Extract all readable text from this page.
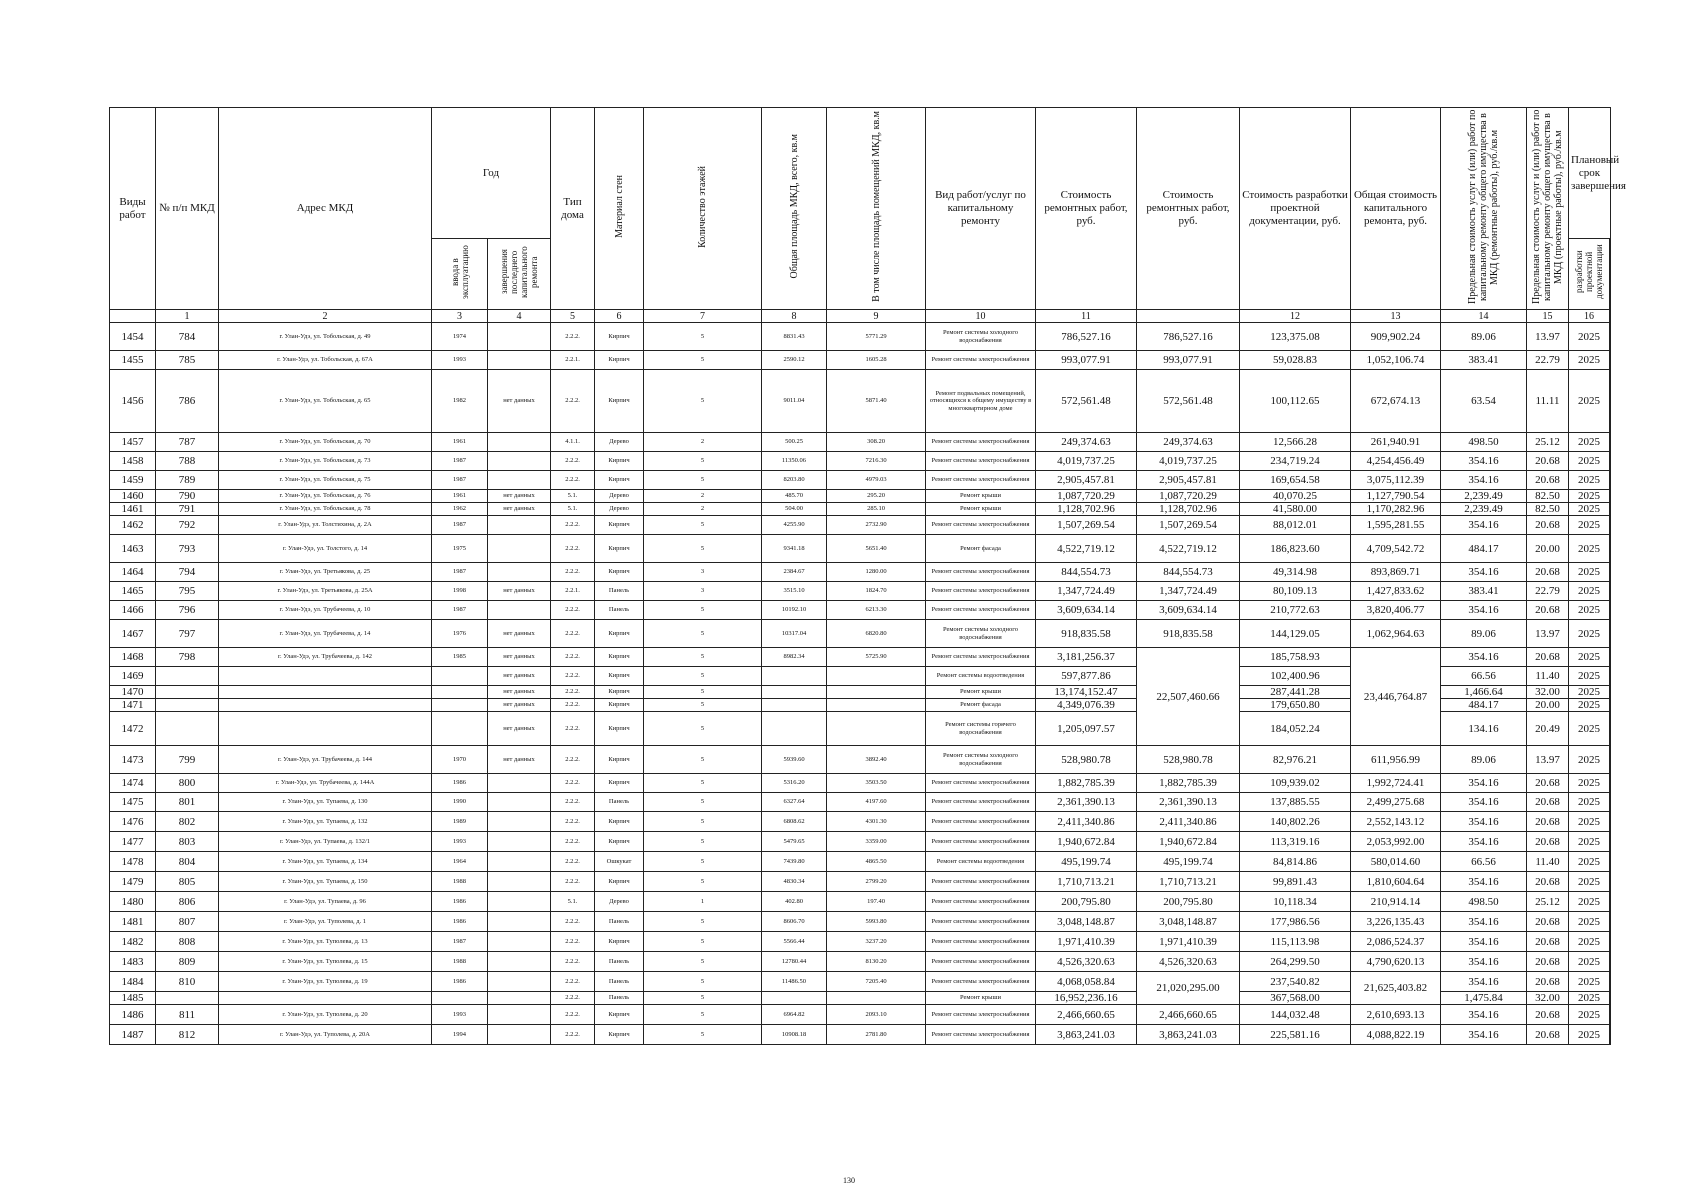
Виды работ	№ п/п МКД	Адрес МКД	Год		Тип дома	Материал стен	Количество этажей	Общая площадь МКД, всего, кв.м	В том числе площадь помещений МКД, кв.м	Вид работ/услуг по капитальному ремонту	Стоимость ремонтных работ, руб.	Стоимость ремонтных работ, руб.	Стоимость разработки проектной документации, руб.	Общая стоимость капитального ремонта, руб.	Предельная стоимость услуг и (или) работ по капитальному ремонту общего имущества в МКД (ремонтные работы), руб./кв.м	Предельная стоимость услуг и (или) работ по капитальному ремонту общего имущества в МКД (проектные работы), руб./кв.м	Плановый срок завершения	
			ввода в эксплуатацию	завершения последнего капитального ремонта													разработки проектной документации	
	1	2	3	4	5	6	7	8	9	10	11		12	13	14	15	16	
1454	784	г. Улан-Удэ, ул. Тобольская, д. 49	1974		2.2.2.	Кирпич	5	8831.43	5771.29	Ремонт системы холодного водоснабжения	786,527.16	786,527.16	123,375.08	909,902.24	89.06	13.97	2025	
1455	785	г. Улан-Удэ, ул. Тобольская, д. 67А	1993		2.2.1.	Кирпич	5	2590.12	1605.28	Ремонт системы электроснабжения	993,077.91	993,077.91	59,028.83	1,052,106.74	383.41	22.79	2025	
1456	786	г. Улан-Удэ, ул. Тобольская, д. 65	1982	нет данных	2.2.2.	Кирпич	5	9011.04	5871.40	Ремонт подвальных помещений, относящихся к общему имуществу в многоквартирном доме	572,561.48	572,561.48	100,112.65	672,674.13	63.54	11.11	2025	
1457	787	г. Улан-Удэ, ул. Тобольская, д. 70	1961		4.1.1.	Дерево	2	500.25	308.20	Ремонт системы электроснабжения	249,374.63	249,374.63	12,566.28	261,940.91	498.50	25.12	2025	
1458	788	г. Улан-Удэ, ул. Тобольская, д. 73	1987		2.2.2.	Кирпич	5	11350.06	7216.30	Ремонт системы электроснабжения	4,019,737.25	4,019,737.25	234,719.24	4,254,456.49	354.16	20.68	2025	
1459	789	г. Улан-Удэ, ул. Тобольская, д. 75	1987		2.2.2.	Кирпич	5	8203.80	4979.03	Ремонт системы электроснабжения	2,905,457.81	2,905,457.81	169,654.58	3,075,112.39	354.16	20.68	2025	
1460	790	г. Улан-Удэ, ул. Тобольская, д. 76	1961	нет данных	5.1.	Дерево	2	485.70	295.20	Ремонт крыши	1,087,720.29	1,087,720.29	40,070.25	1,127,790.54	2,239.49	82.50	2025	
1461	791	г. Улан-Удэ, ул. Тобольская, д. 78	1962	нет данных	5.1.	Дерево	2	504.00	285.10	Ремонт крыши	1,128,702.96	1,128,702.96	41,580.00	1,170,282.96	2,239.49	82.50	2025	
1462	792	г. Улан-Удэ, ул. Толстихина, д. 2А	1987		2.2.2.	Кирпич	5	4255.90	2732.90	Ремонт системы электроснабжения	1,507,269.54	1,507,269.54	88,012.01	1,595,281.55	354.16	20.68	2025	
1463	793	г. Улан-Удэ, ул. Толстого, д. 14	1975		2.2.2.	Кирпич	5	9341.18	5651.40	Ремонт фасада	4,522,719.12	4,522,719.12	186,823.60	4,709,542.72	484.17	20.00	2025	
1464	794	г. Улан-Удэ, ул. Третьякова, д. 25	1987		2.2.2.	Кирпич	3	2384.67	1280.00	Ремонт системы электроснабжения	844,554.73	844,554.73	49,314.98	893,869.71	354.16	20.68	2025	
1465	795	г. Улан-Удэ, ул. Третьякова, д. 25А	1998	нет данных	2.2.1.	Панель	3	3515.10	1824.70	Ремонт системы электроснабжения	1,347,724.49	1,347,724.49	80,109.13	1,427,833.62	383.41	22.79	2025	
1466	796	г. Улан-Удэ, ул. Трубачеева, д. 10	1987		2.2.2.	Панель	5	10192.10	6213.30	Ремонт системы электроснабжения	3,609,634.14	3,609,634.14	210,772.63	3,820,406.77	354.16	20.68	2025	
1467	797	г. Улан-Удэ, ул. Трубачеева, д. 14	1976	нет данных	2.2.2.	Кирпич	5	10317.04	6820.80	Ремонт системы холодного водоснабжения	918,835.58	918,835.58	144,129.05	1,062,964.63	89.06	13.97	2025	
1468	798	г. Улан-Удэ, ул. Трубачеева, д. 142	1985	нет данных	2.2.2.	Кирпич	5	8982.34	5725.90	Ремонт системы электроснабжения	3,181,256.37	22,507,460.66	185,758.93	23,446,764.87	354.16	20.68	2025	
1469				нет данных	2.2.2.	Кирпич	5			Ремонт системы водоотведения	597,877.86		102,400.96		66.56	11.40	2025	
1470				нет данных	2.2.2.	Кирпич	5			Ремонт крыши	13,174,152.47		287,441.28		1,466.64	32.00	2025	
1471				нет данных	2.2.2.	Кирпич	5			Ремонт фасада	4,349,076.39		179,650.80		484.17	20.00	2025	
1472				нет данных	2.2.2.	Кирпич	5			Ремонт системы горячего водоснабжения	1,205,097.57		184,052.24		134.16	20.49	2025	
1473	799	г. Улан-Удэ, ул. Трубачеева, д. 144	1970	нет данных	2.2.2.	Кирпич	5	5939.60	3892.40	Ремонт системы холодного водоснабжения	528,980.78	528,980.78	82,976.21	611,956.99	89.06	13.97	2025	
1474	800	г. Улан-Удэ, ул. Трубачеева, д. 144А	1986		2.2.2.	Кирпич	5	5316.20	3503.50	Ремонт системы электроснабжения	1,882,785.39	1,882,785.39	109,939.02	1,992,724.41	354.16	20.68	2025	
1475	801	г. Улан-Удэ, ул. Тупаева, д. 130	1990		2.2.2.	Панель	5	6327.64	4197.60	Ремонт системы электроснабжения	2,361,390.13	2,361,390.13	137,885.55	2,499,275.68	354.16	20.68	2025	
1476	802	г. Улан-Удэ, ул. Тупаева, д. 132	1989		2.2.2.	Кирпич	5	6808.62	4301.30	Ремонт системы электроснабжения	2,411,340.86	2,411,340.86	140,802.26	2,552,143.12	354.16	20.68	2025	
1477	803	г. Улан-Удэ, ул. Тупаева, д. 132/1	1993		2.2.2.	Кирпич	5	5479.65	3359.00	Ремонт системы электроснабжения	1,940,672.84	1,940,672.84	113,319.16	2,053,992.00	354.16	20.68	2025	
1478	804	г. Улан-Удэ, ул. Тупаева, д. 134	1964		2.2.2.	Ошкукат	5	7439.80	4865.50	Ремонт системы водоотведения	495,199.74	495,199.74	84,814.86	580,014.60	66.56	11.40	2025	
1479	805	г. Улан-Удэ, ул. Тупаева, д. 150	1988		2.2.2.	Кирпич	5	4830.34	2799.20	Ремонт системы электроснабжения	1,710,713.21	1,710,713.21	99,891.43	1,810,604.64	354.16	20.68	2025	
1480	806	г. Улан-Удэ, ул. Тупаева, д. 96	1986		5.1.	Дерево	1	402.80	197.40	Ремонт системы электроснабжения	200,795.80	200,795.80	10,118.34	210,914.14	498.50	25.12	2025	
1481	807	г. Улан-Удэ, ул. Туполева, д. 1	1986		2.2.2.	Панель	5	8606.70	5993.80	Ремонт системы электроснабжения	3,048,148.87	3,048,148.87	177,986.56	3,226,135.43	354.16	20.68	2025	
1482	808	г. Улан-Удэ, ул. Туполева, д. 13	1987		2.2.2.	Кирпич	5	5566.44	3237.20	Ремонт системы электроснабжения	1,971,410.39	1,971,410.39	115,113.98	2,086,524.37	354.16	20.68	2025	
1483	809	г. Улан-Удэ, ул. Туполева, д. 15	1988		2.2.2.	Панель	5	12780.44	8130.20	Ремонт системы электроснабжения	4,526,320.63	4,526,320.63	264,299.50	4,790,620.13	354.16	20.68	2025	
1484	810	г. Улан-Удэ, ул. Туполева, д. 19	1986		2.2.2.	Панель	5	11486.50	7205.40	Ремонт системы электроснабжения	4,068,058.84	21,020,295.00	237,540.82	21,625,403.82	354.16	20.68	2025	
1485					2.2.2.	Панель	5			Ремонт крыши	16,952,236.16		367,568.00		1,475.84	32.00	2025	
1486	811	г. Улан-Удэ, ул. Туполева, д. 20	1993		2.2.2.	Кирпич	5	6964.82	2093.10	Ремонт системы электроснабжения	2,466,660.65	2,466,660.65	144,032.48	2,610,693.13	354.16	20.68	2025	
1487	812	г. Улан-Удэ, ул. Туполева, д. 20А	1994		2.2.2.	Кирпич	5	10908.18	2781.80	Ремонт системы электроснабжения	3,863,241.03	3,863,241.03	225,581.16	4,088,822.19	354.16	20.68	2025	
130
